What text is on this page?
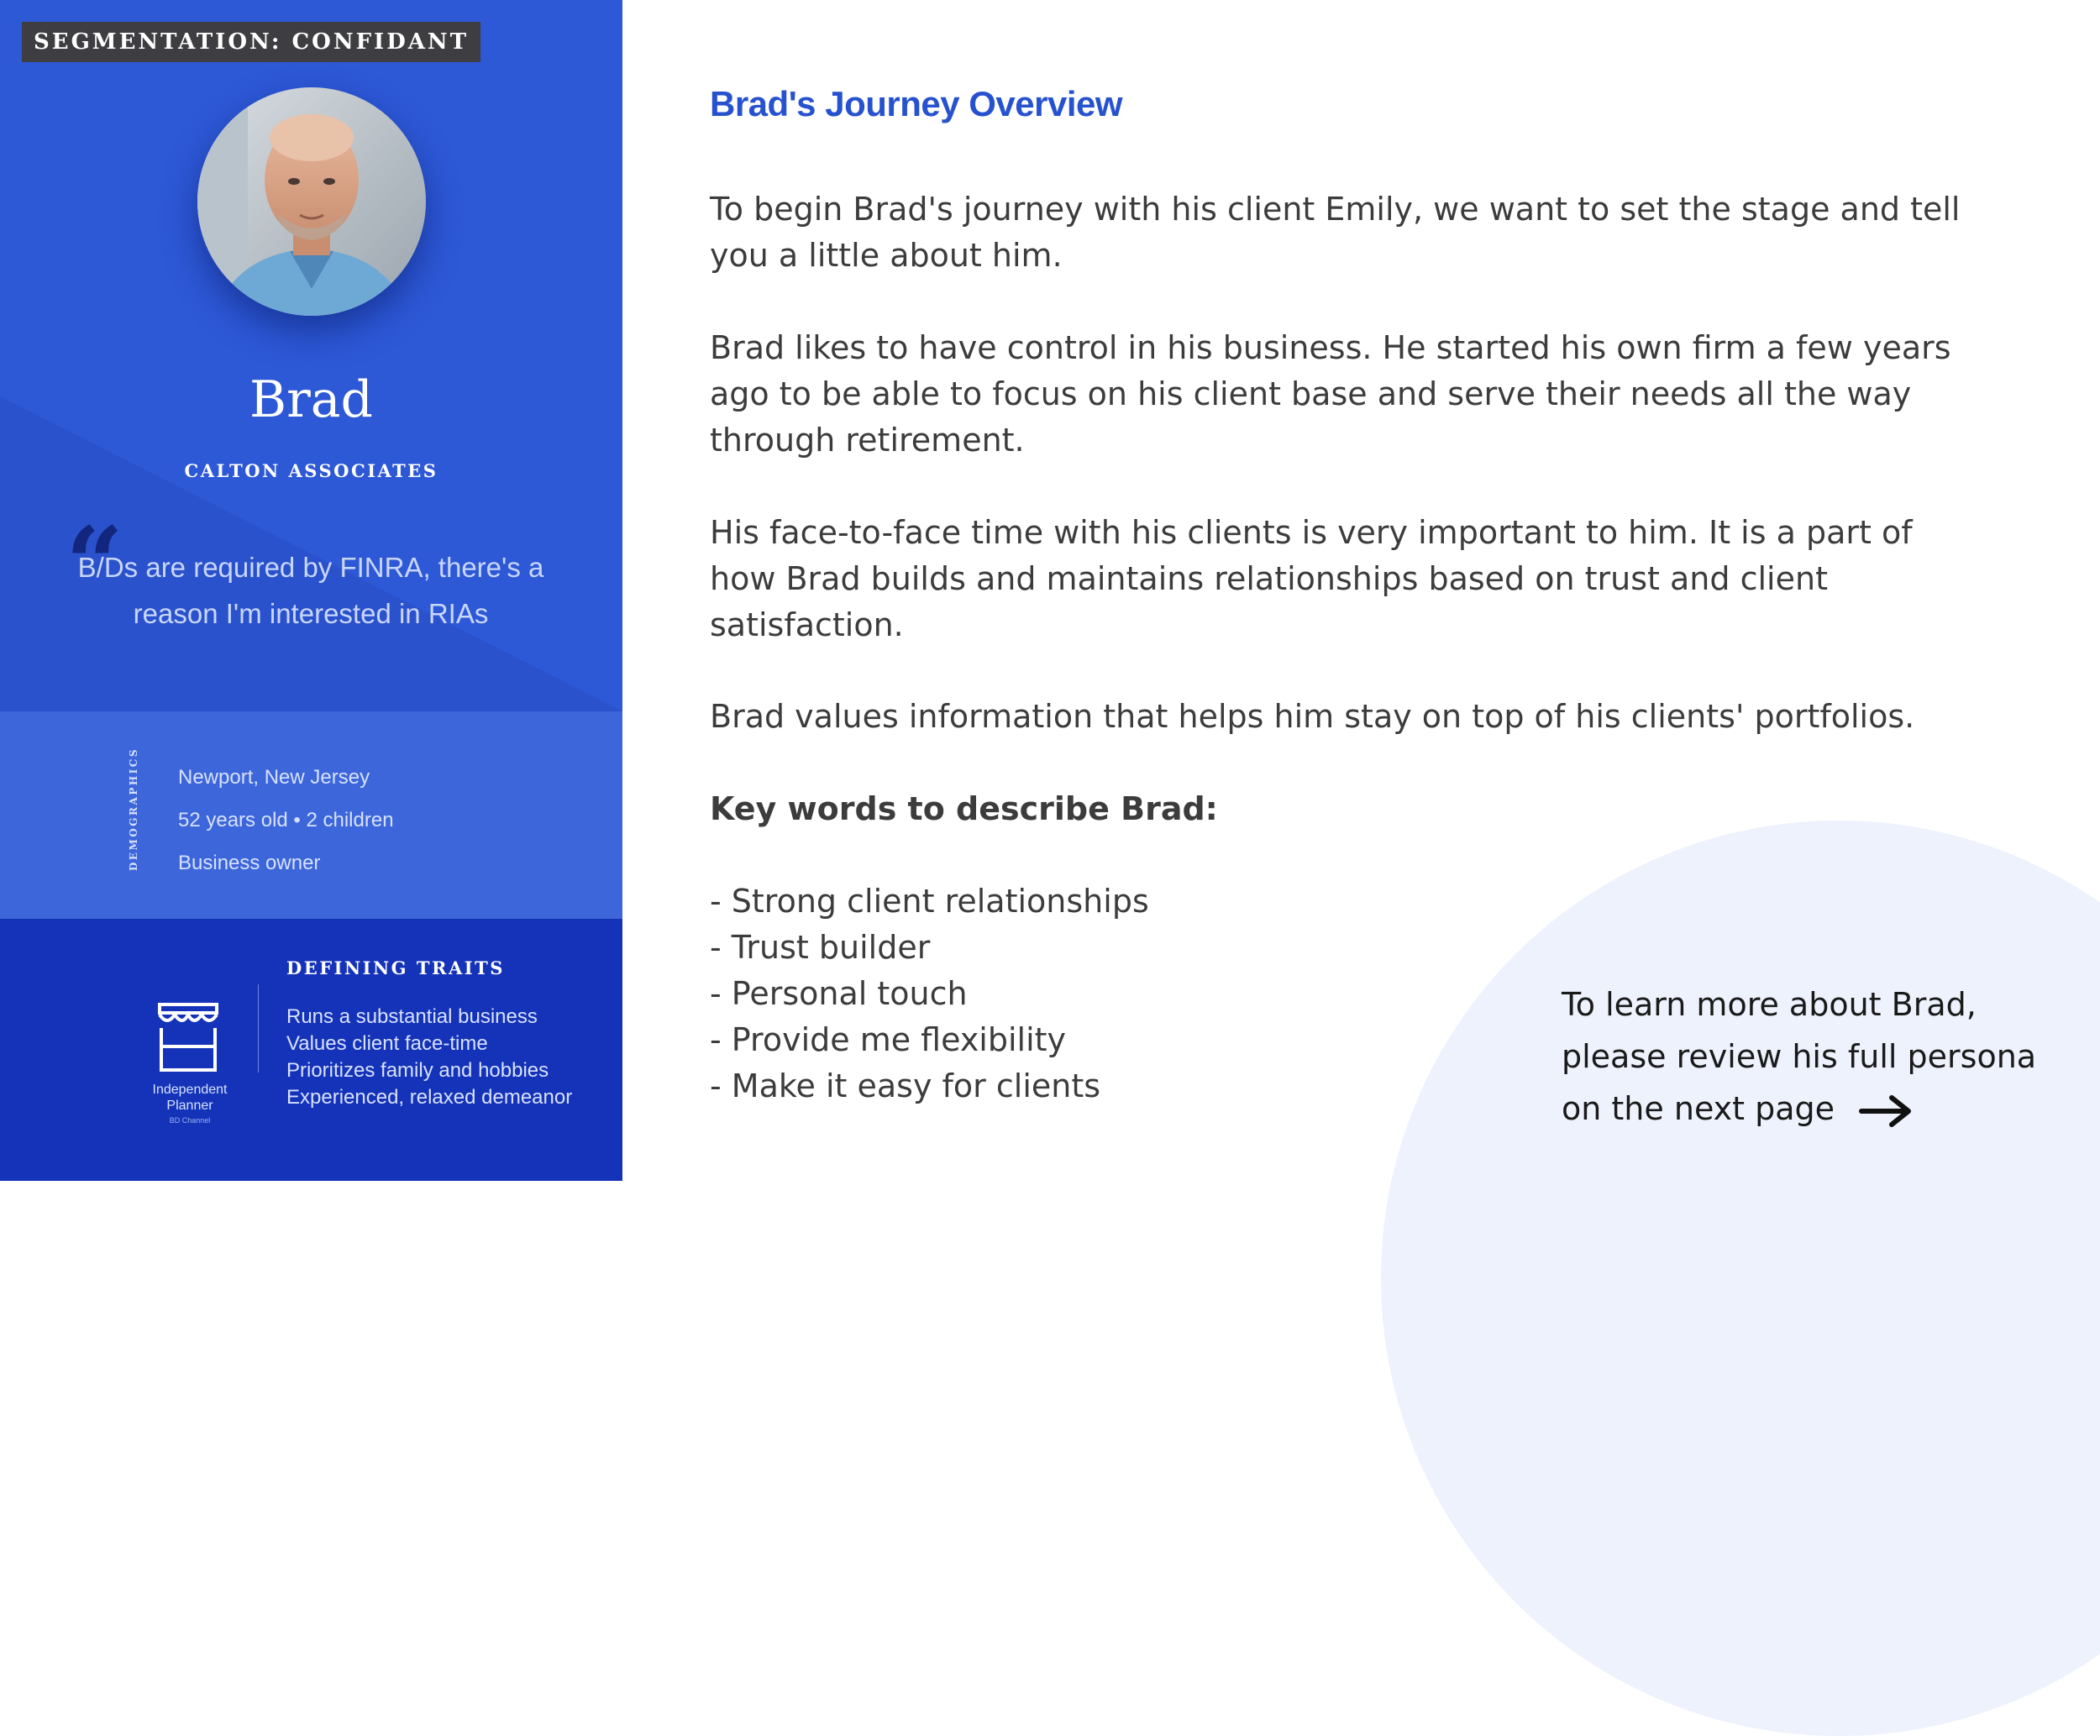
SEGMENTATION: CONFIDANT
Brad
CALTON ASSOCIATES
“
B/Ds are required by FINRA, there's a reason I'm interested in RIAs
DEMOGRAPHICS Newport, New Jersey
52 years old • 2 children
Business owner
DEFINING TRAITS
Independent Planner
BD Channel
Runs a substantial business
Values client face-time
Prioritizes family and hobbies
Experienced, relaxed demeanor
Brad's Journey Overview

To begin Brad's journey with his client Emily, we want to set the stage and tell you a little about him.

Brad likes to have control in his business. He started his own firm a few years ago to be able to focus on his client base and serve their needs all the way through retirement.

His face-to-face time with his clients is very important to him. It is a part of how Brad builds and maintains relationships based on trust and client satisfaction.

Brad values information that helps him stay on top of his clients' portfolios.

Key words to describe Brad:
- Strong client relationships
- Trust builder
- Personal touch
- Provide me flexibility
- Make it easy for clients
To learn more about Brad,
please review his full persona
on the next page
